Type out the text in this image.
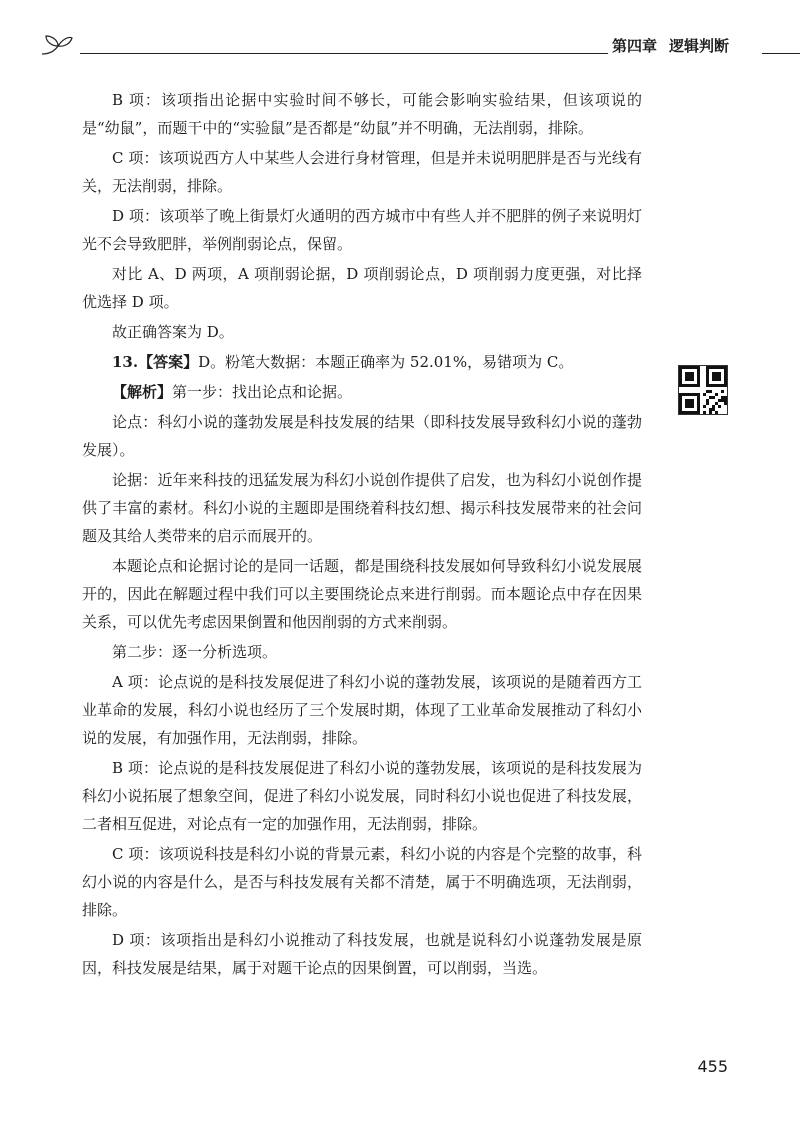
第四章 逻辑判断

B 项：该项指出论据中实验时间不够长，可能会影响实验结果，但该项说的是“幼鼠”，而题干中的“实验鼠”是否都是“幼鼠”并不明确，无法削弱，排除。

C 项：该项说西方人中某些人会进行身材管理，但是并未说明肥胖是否与光线有关，无法削弱，排除。

D 项：该项举了晚上街景灯火通明的西方城市中有些人并不肥胖的例子来说明灯光不会导致肥胖，举例削弱论点，保留。

对比 A、D 两项，A 项削弱论据，D 项削弱论点，D 项削弱力度更强，对比择优选择 D 项。

故正确答案为 D。

13.【答案】D。粉笔大数据：本题正确率为 52.01%，易错项为 C。

【解析】第一步：找出论点和论据。

论点：科幻小说的蓬勃发展是科技发展的结果（即科技发展导致科幻小说的蓬勃发展）。

论据：近年来科技的迅猛发展为科幻小说创作提供了启发，也为科幻小说创作提供了丰富的素材。科幻小说的主题即是围绕着科技幻想、揭示科技发展带来的社会问题及其给人类带来的启示而展开的。

本题论点和论据讨论的是同一话题，都是围绕科技发展如何导致科幻小说发展展开的，因此在解题过程中我们可以主要围绕论点来进行削弱。而本题论点中存在因果关系，可以优先考虑因果倒置和他因削弱的方式来削弱。

第二步：逐一分析选项。

A 项：论点说的是科技发展促进了科幻小说的蓬勃发展，该项说的是随着西方工业革命的发展，科幻小说也经历了三个发展时期，体现了工业革命发展推动了科幻小说的发展，有加强作用，无法削弱，排除。

B 项：论点说的是科技发展促进了科幻小说的蓬勃发展，该项说的是科技发展为科幻小说拓展了想象空间，促进了科幻小说发展，同时科幻小说也促进了科技发展，二者相互促进，对论点有一定的加强作用，无法削弱，排除。

C 项：该项说科技是科幻小说的背景元素，科幻小说的内容是个完整的故事，科幻小说的内容是什么，是否与科技发展有关都不清楚，属于不明确选项，无法削弱，排除。

D 项：该项指出是科幻小说推动了科技发展，也就是说科幻小说蓬勃发展是原因，科技发展是结果，属于对题干论点的因果倒置，可以削弱，当选。

455
